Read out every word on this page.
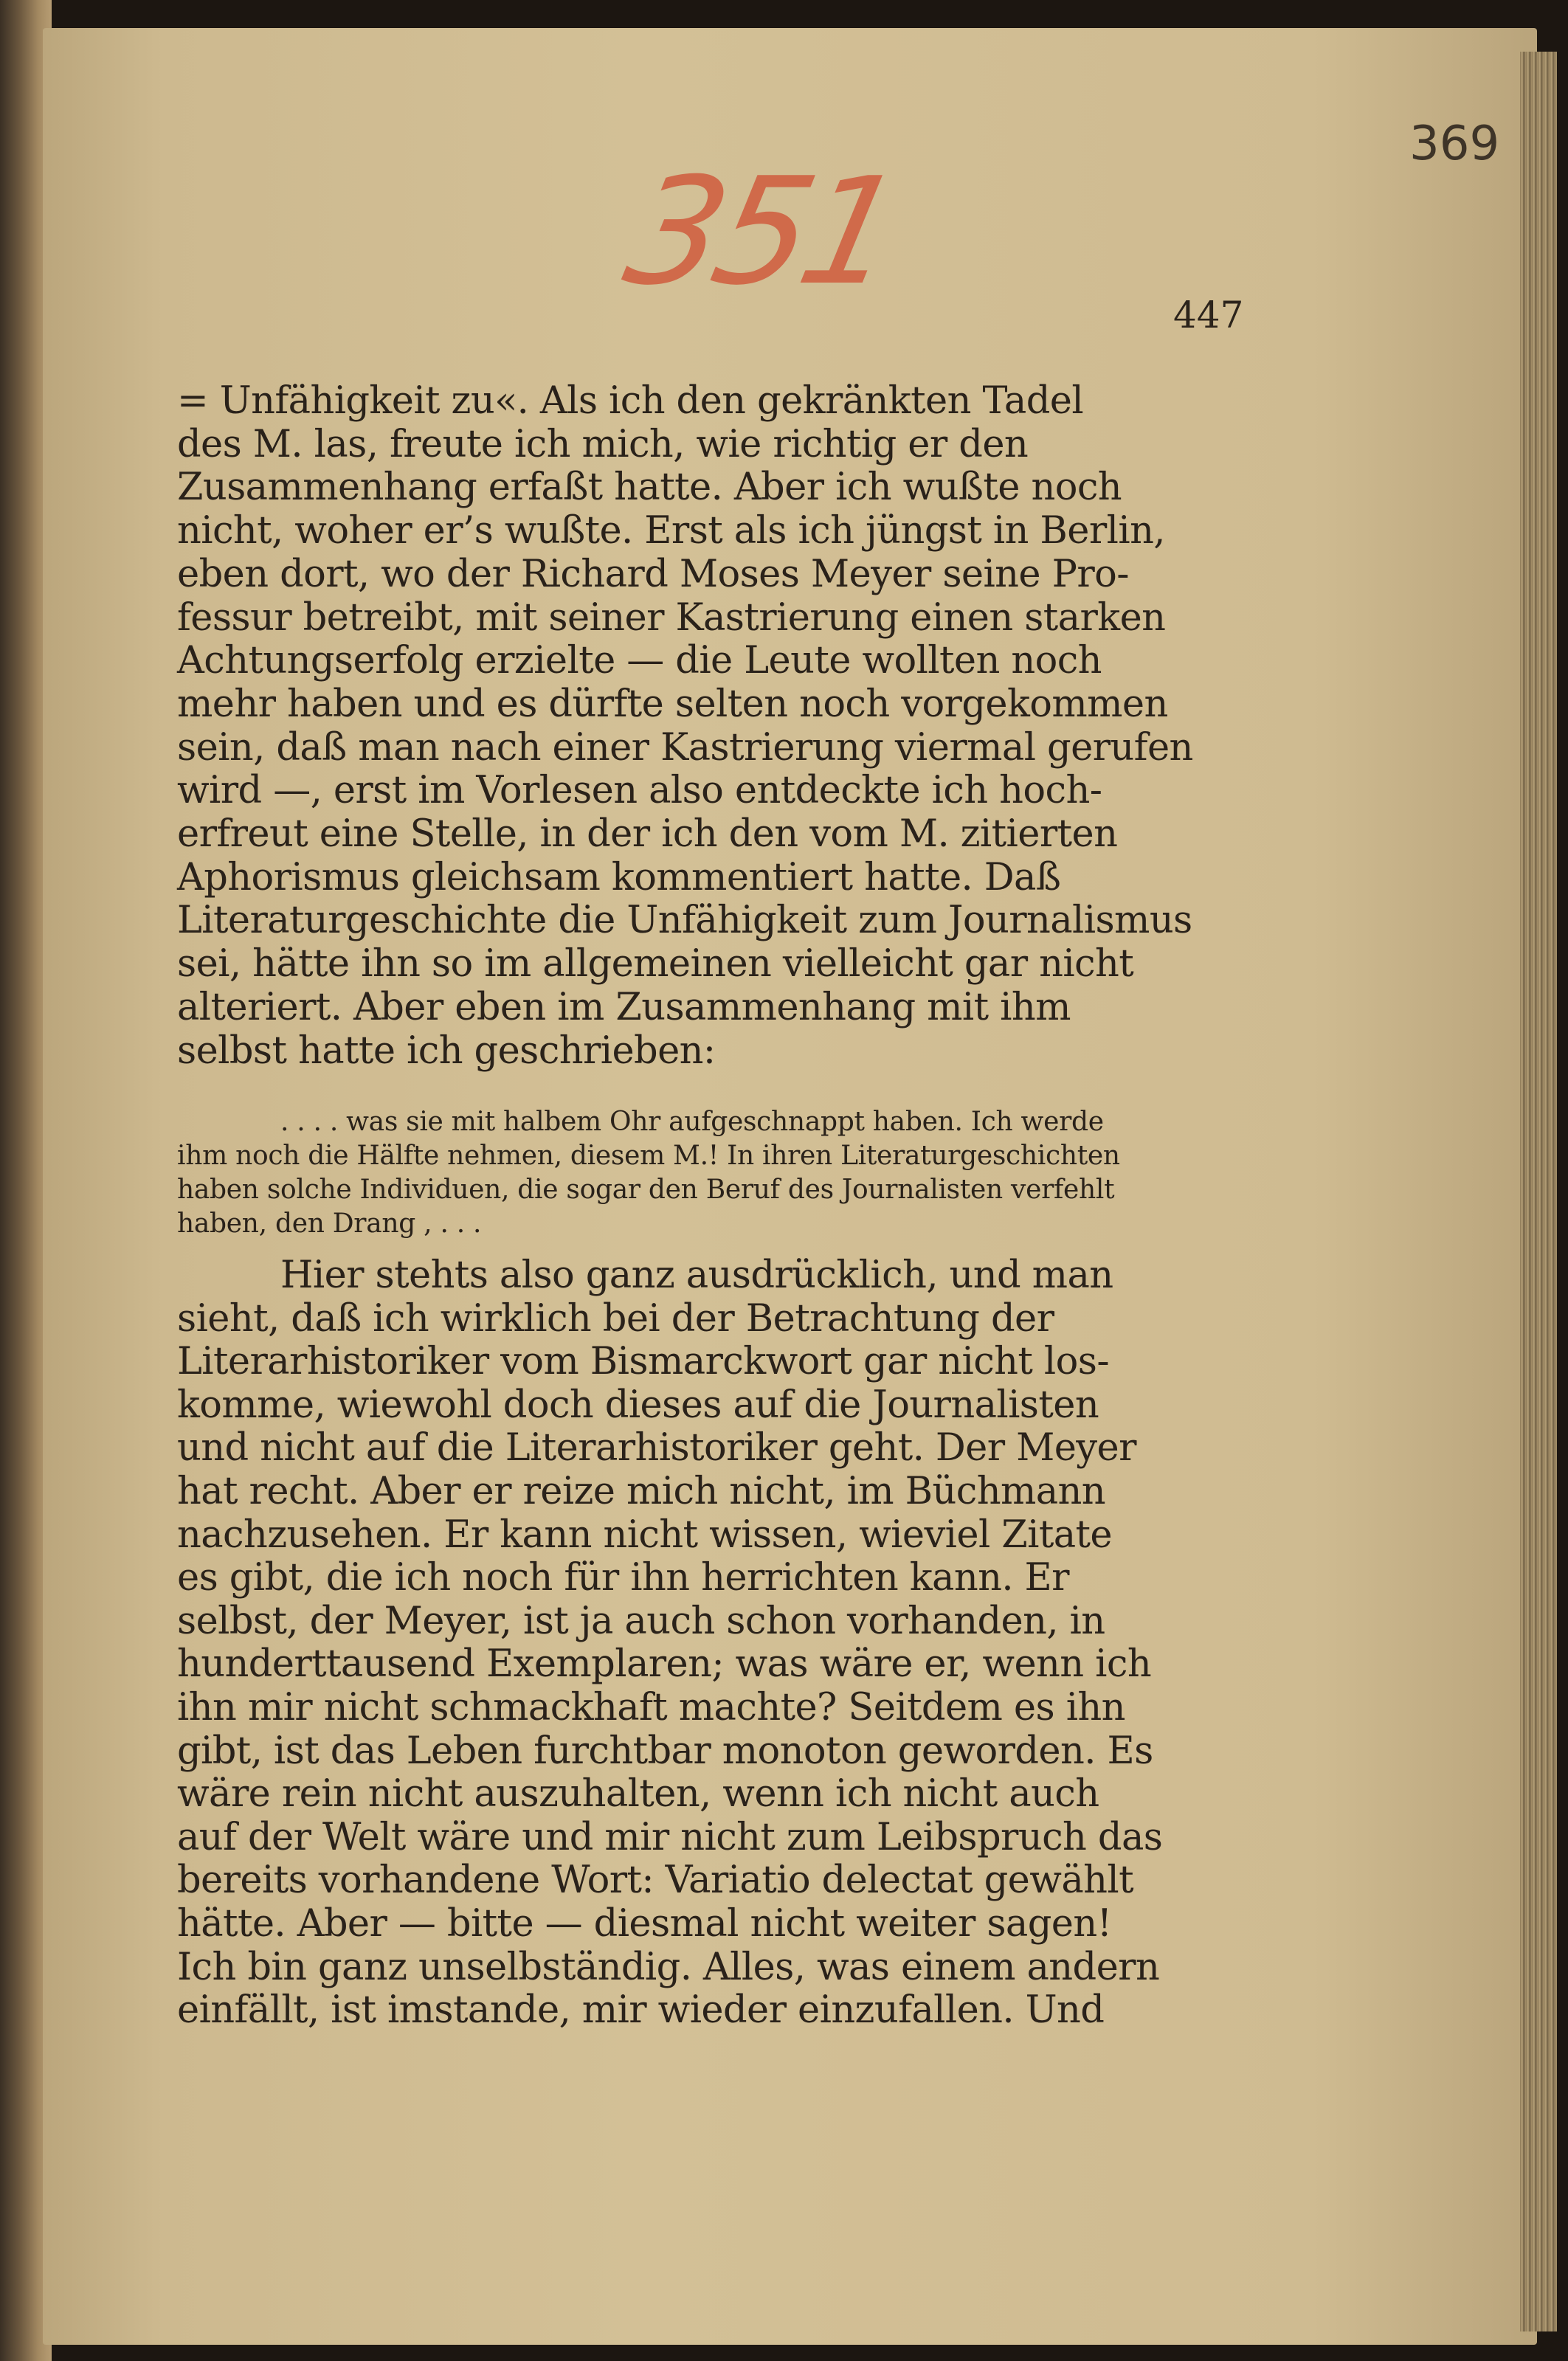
351
369
447
= Unfähigkeit zu«. Als ich den gekränkten Tadel
des M. las, freute ich mich, wie richtig er den
Zusammenhang erfaßt hatte. Aber ich wußte noch
nicht, woher er’s wußte. Erst als ich jüngst in Berlin,
eben dort, wo der Richard Moses Meyer seine Pro-
fessur betreibt, mit seiner Kastrierung einen starken
Achtungserfolg erzielte — die Leute wollten noch
mehr haben und es dürfte selten noch vorgekommen
sein, daß man nach einer Kastrierung viermal gerufen
wird —, erst im Vorlesen also entdeckte ich hoch-
erfreut eine Stelle, in der ich den vom M. zitierten
Aphorismus gleichsam kommentiert hatte. Daß
Literaturgeschichte die Unfähigkeit zum Journalismus
sei, hätte ihn so im allgemeinen vielleicht gar nicht
alteriert. Aber eben im Zusammenhang mit ihm
selbst hatte ich geschrieben:
. . . . was sie mit halbem Ohr aufgeschnappt haben. Ich werde
ihm noch die Hälfte nehmen, diesem M.! In ihren Literaturgeschichten
haben solche Individuen, die sogar den Beruf des Journalisten verfehlt
haben, den Drang , . . .
Hier stehts also ganz ausdrücklich, und man
sieht, daß ich wirklich bei der Betrachtung der
Literarhistoriker vom Bismarckwort gar nicht los-
komme, wiewohl doch dieses auf die Journalisten
und nicht auf die Literarhistoriker geht. Der Meyer
hat recht. Aber er reize mich nicht, im Büchmann
nachzusehen. Er kann nicht wissen, wieviel Zitate
es gibt, die ich noch für ihn herrichten kann. Er
selbst, der Meyer, ist ja auch schon vorhanden, in
hunderttausend Exemplaren; was wäre er, wenn ich
ihn mir nicht schmackhaft machte? Seitdem es ihn
gibt, ist das Leben furchtbar monoton geworden. Es
wäre rein nicht auszuhalten, wenn ich nicht auch
auf der Welt wäre und mir nicht zum Leibspruch das
bereits vorhandene Wort: Variatio delectat gewählt
hätte. Aber — bitte — diesmal nicht weiter sagen!
Ich bin ganz unselbständig. Alles, was einem andern
einfällt, ist imstande, mir wieder einzufallen. Und
